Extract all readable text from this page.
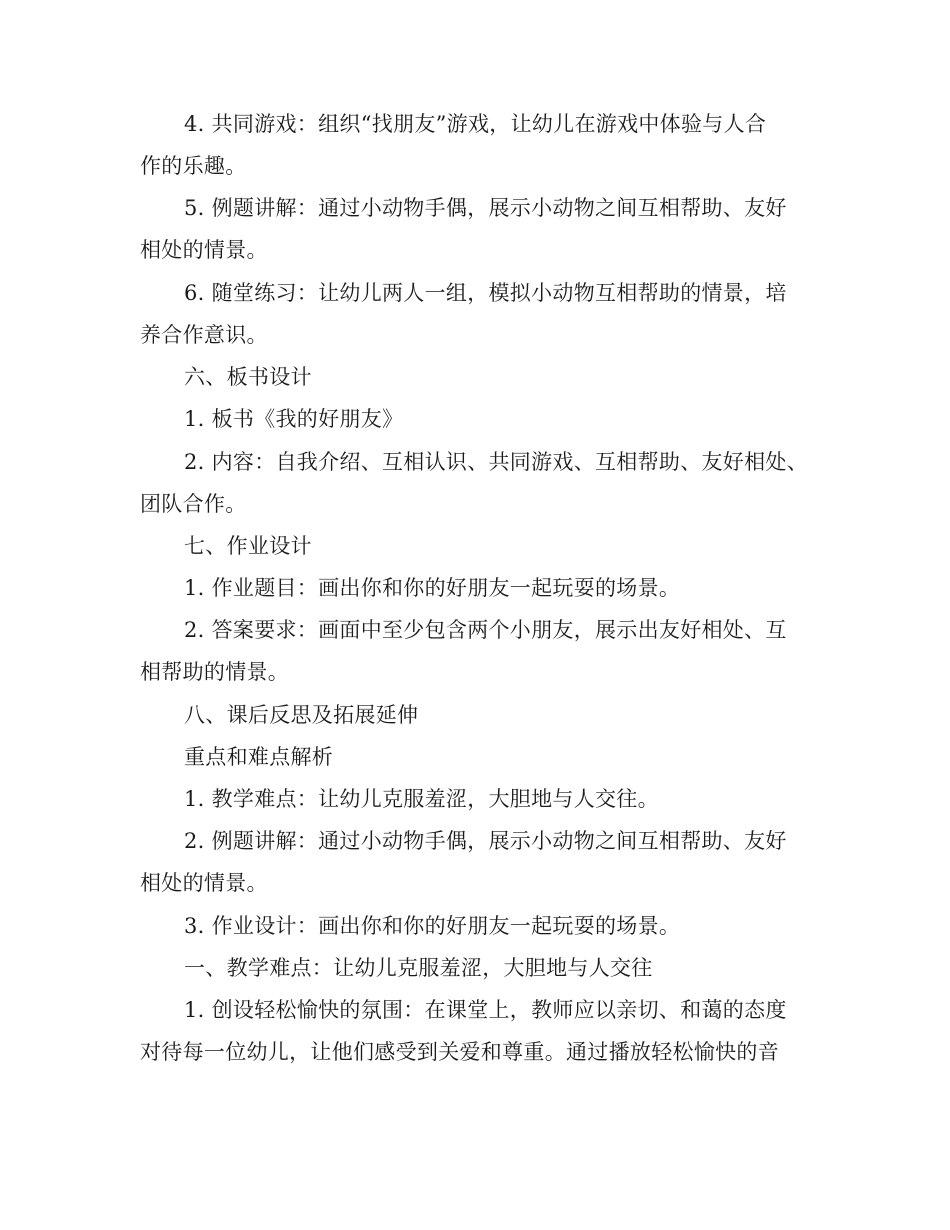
4. 共同游戏：组织“找朋友”游戏，让幼儿在游戏中体验与人合

作的乐趣。

5. 例题讲解：通过小动物手偶，展示小动物之间互相帮助、友好

相处的情景。

6. 随堂练习：让幼儿两人一组，模拟小动物互相帮助的情景，培

养合作意识。

六、板书设计

1. 板书《我的好朋友》

2. 内容：自我介绍、互相认识、共同游戏、互相帮助、友好相处、

团队合作。

七、作业设计

1. 作业题目：画出你和你的好朋友一起玩耍的场景。

2. 答案要求：画面中至少包含两个小朋友，展示出友好相处、互

相帮助的情景。

八、课后反思及拓展延伸

重点和难点解析

1. 教学难点：让幼儿克服羞涩，大胆地与人交往。

2. 例题讲解：通过小动物手偶，展示小动物之间互相帮助、友好

相处的情景。

3. 作业设计：画出你和你的好朋友一起玩耍的场景。

一、教学难点：让幼儿克服羞涩，大胆地与人交往

1. 创设轻松愉快的氛围：在课堂上，教师应以亲切、和蔼的态度

对待每一位幼儿，让他们感受到关爱和尊重。通过播放轻松愉快的音
